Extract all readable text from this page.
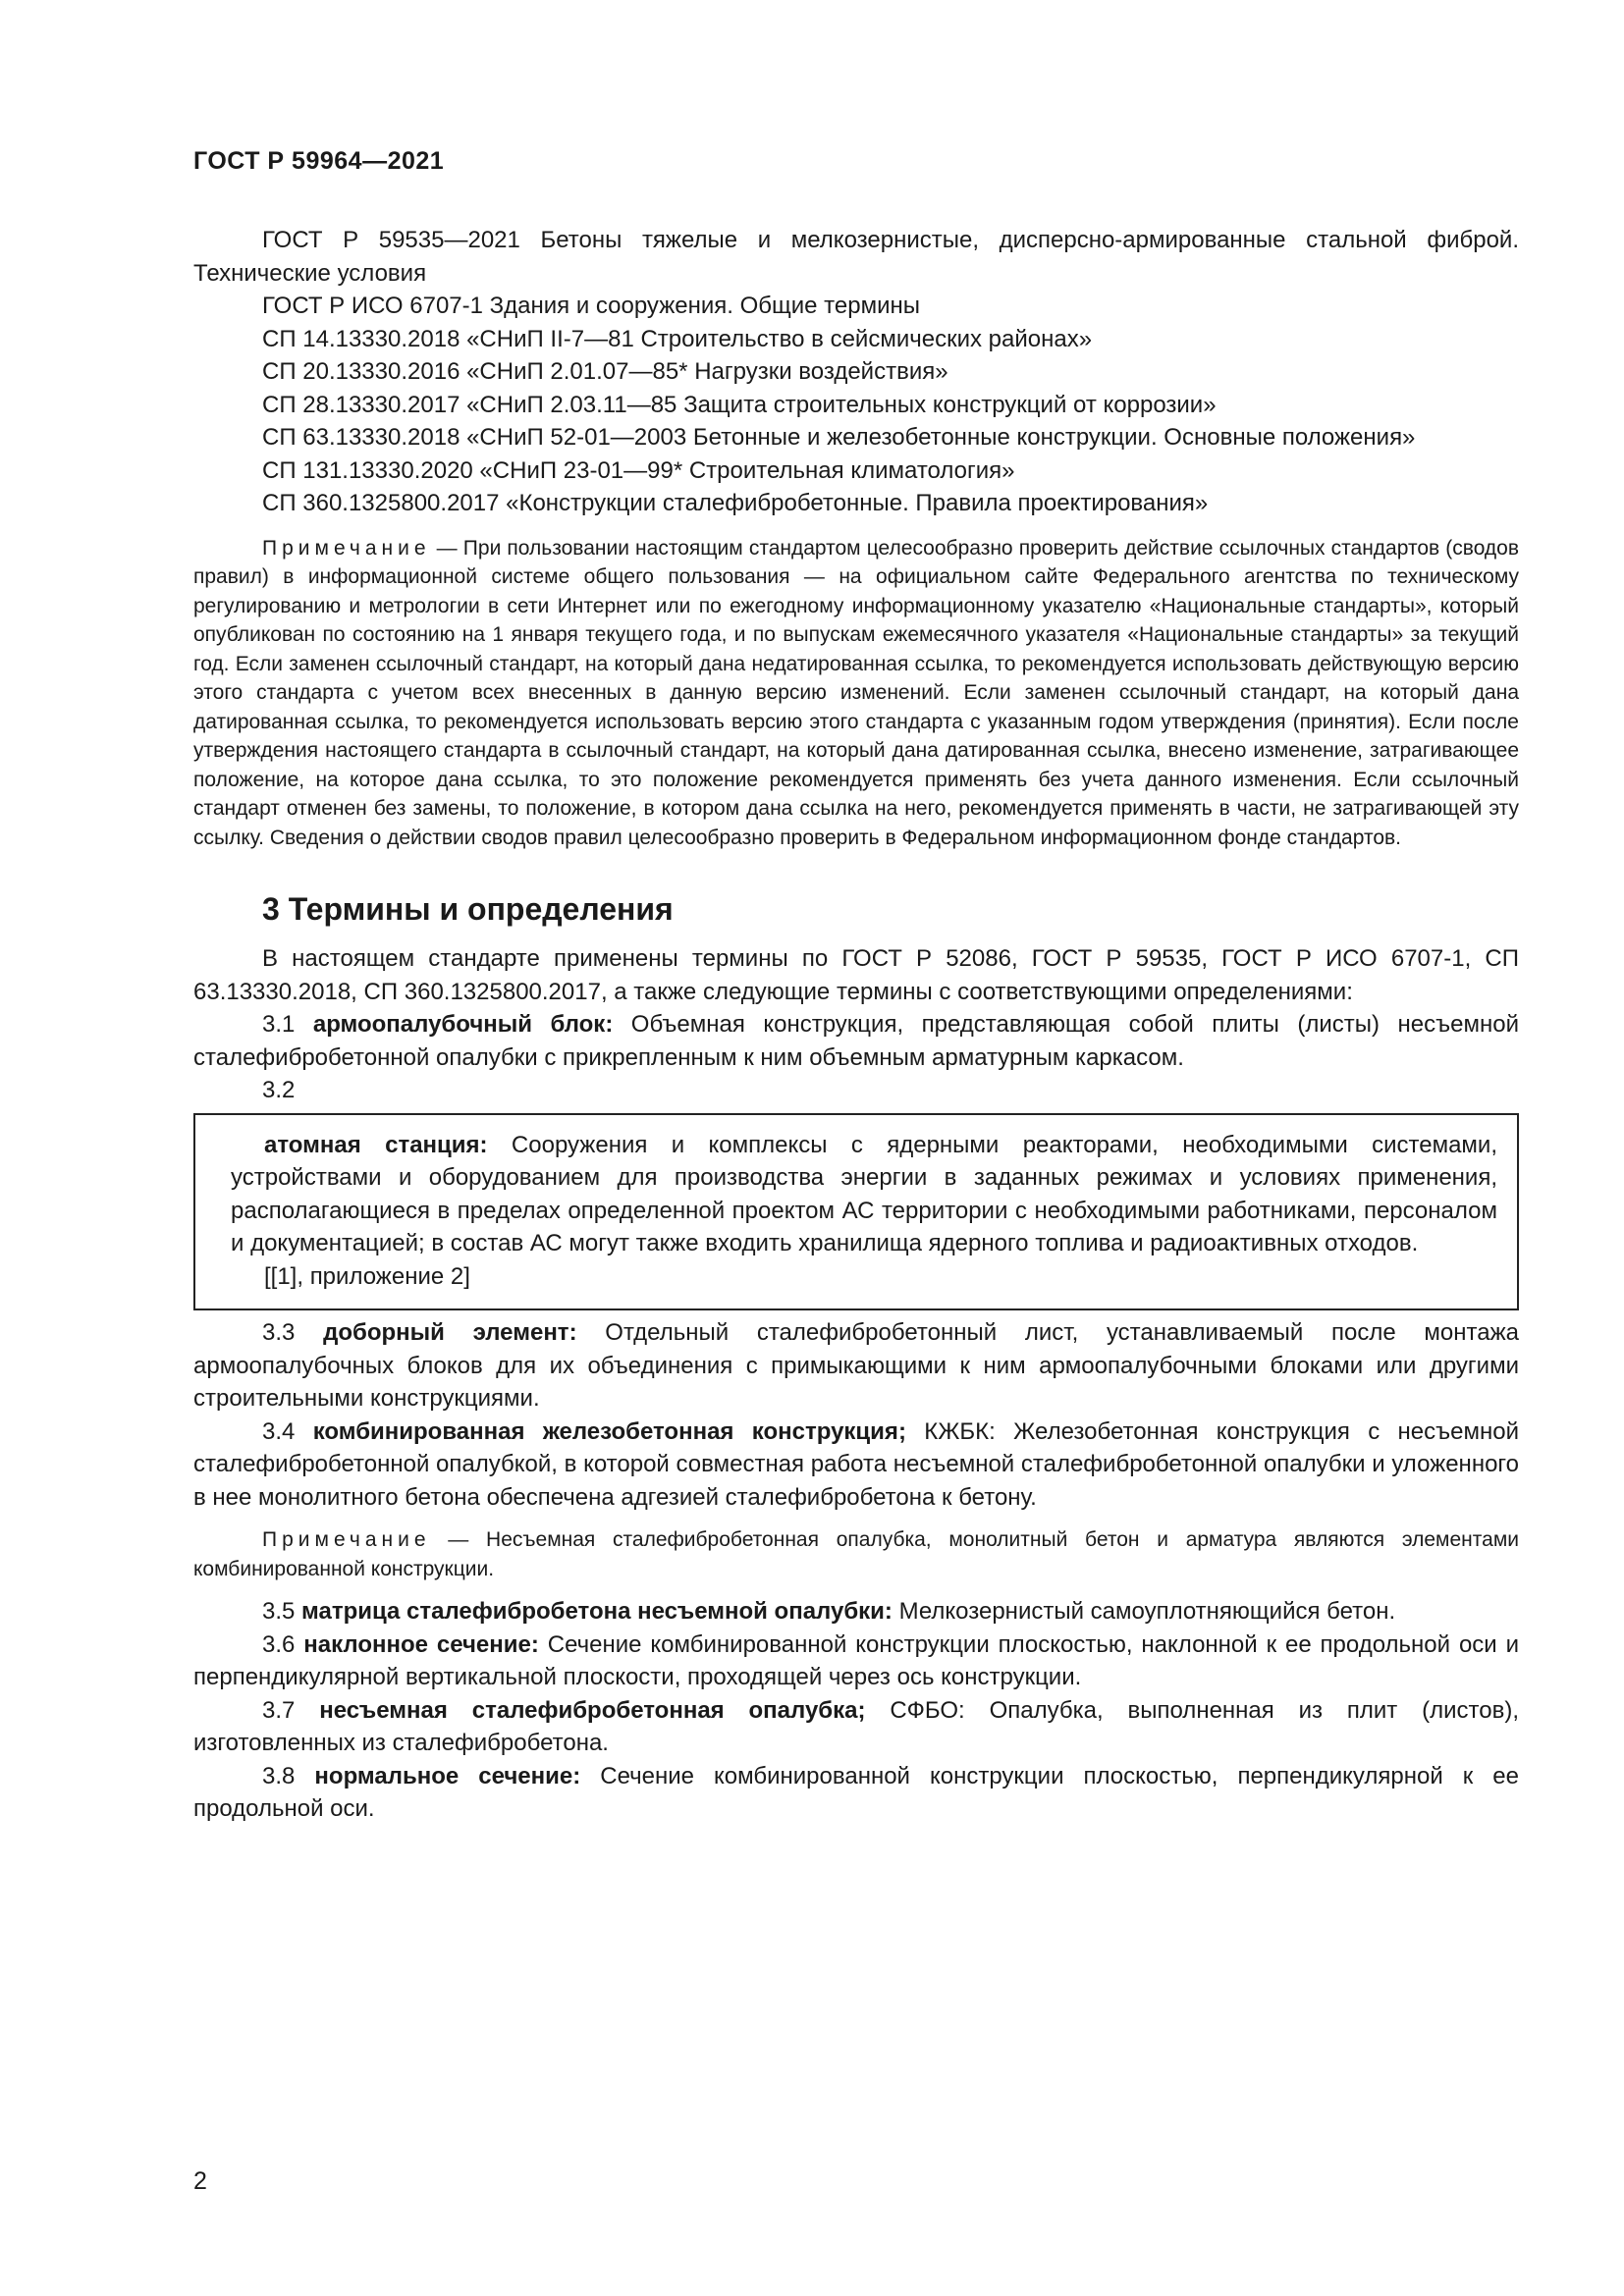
ГОСТ Р 59964—2021

ГОСТ Р 59535—2021 Бетоны тяжелые и мелкозернистые, дисперсно-армированные стальной фиброй. Технические условия

ГОСТ Р ИСО 6707-1 Здания и сооружения. Общие термины

СП 14.13330.2018 «СНиП II-7—81 Строительство в сейсмических районах»

СП 20.13330.2016 «СНиП 2.01.07—85* Нагрузки воздействия»

СП 28.13330.2017 «СНиП 2.03.11—85 Защита строительных конструкций от коррозии»

СП 63.13330.2018 «СНиП 52-01—2003 Бетонные и железобетонные конструкции. Основные положения»

СП 131.13330.2020 «СНиП 23-01—99* Строительная климатология»

СП 360.1325800.2017 «Конструкции сталефибробетонные. Правила проектирования»

Примечание — При пользовании настоящим стандартом целесообразно проверить действие ссылочных стандартов (сводов правил) в информационной системе общего пользования — на официальном сайте Федерального агентства по техническому регулированию и метрологии в сети Интернет или по ежегодному информационному указателю «Национальные стандарты», который опубликован по состоянию на 1 января текущего года, и по выпускам ежемесячного указателя «Национальные стандарты» за текущий год. Если заменен ссылочный стандарт, на который дана недатированная ссылка, то рекомендуется использовать действующую версию этого стандарта с учетом всех внесенных в данную версию изменений. Если заменен ссылочный стандарт, на который дана датированная ссылка, то рекомендуется использовать версию этого стандарта с указанным годом утверждения (принятия). Если после утверждения настоящего стандарта в ссылочный стандарт, на который дана датированная ссылка, внесено изменение, затрагивающее положение, на которое дана ссылка, то это положение рекомендуется применять без учета данного изменения. Если ссылочный стандарт отменен без замены, то положение, в котором дана ссылка на него, рекомендуется применять в части, не затрагивающей эту ссылку. Сведения о действии сводов правил целесообразно проверить в Федеральном информационном фонде стандартов.

3 Термины и определения

В настоящем стандарте применены термины по ГОСТ Р 52086, ГОСТ Р 59535, ГОСТ Р ИСО 6707-1, СП 63.13330.2018, СП 360.1325800.2017, а также следующие термины с соответствующими определениями:

3.1 армоопалубочный блок: Объемная конструкция, представляющая собой плиты (листы) несъемной сталефибробетонной опалубки с прикрепленным к ним объемным арматурным каркасом.

3.2

атомная станция: Сооружения и комплексы с ядерными реакторами, необходимыми системами, устройствами и оборудованием для производства энергии в заданных режимах и условиях применения, располагающиеся в пределах определенной проектом АС территории с необходимыми работниками, персоналом и документацией; в состав АС могут также входить хранилища ядерного топлива и радиоактивных отходов.

[[1], приложение 2]

3.3 доборный элемент: Отдельный сталефибробетонный лист, устанавливаемый после монтажа армоопалубочных блоков для их объединения с примыкающими к ним армоопалубочными блоками или другими строительными конструкциями.

3.4 комбинированная железобетонная конструкция; КЖБК: Железобетонная конструкция с несъемной сталефибробетонной опалубкой, в которой совместная работа несъемной сталефибробетонной опалубки и уложенного в нее монолитного бетона обеспечена адгезией сталефибробетона к бетону.

Примечание — Несъемная сталефибробетонная опалубка, монолитный бетон и арматура являются элементами комбинированной конструкции.

3.5 матрица сталефибробетона несъемной опалубки: Мелкозернистый самоуплотняющийся бетон.

3.6 наклонное сечение: Сечение комбинированной конструкции плоскостью, наклонной к ее продольной оси и перпендикулярной вертикальной плоскости, проходящей через ось конструкции.

3.7 несъемная сталефибробетонная опалубка; СФБО: Опалубка, выполненная из плит (листов), изготовленных из сталефибробетона.

3.8 нормальное сечение: Сечение комбинированной конструкции плоскостью, перпендикулярной к ее продольной оси.

2
